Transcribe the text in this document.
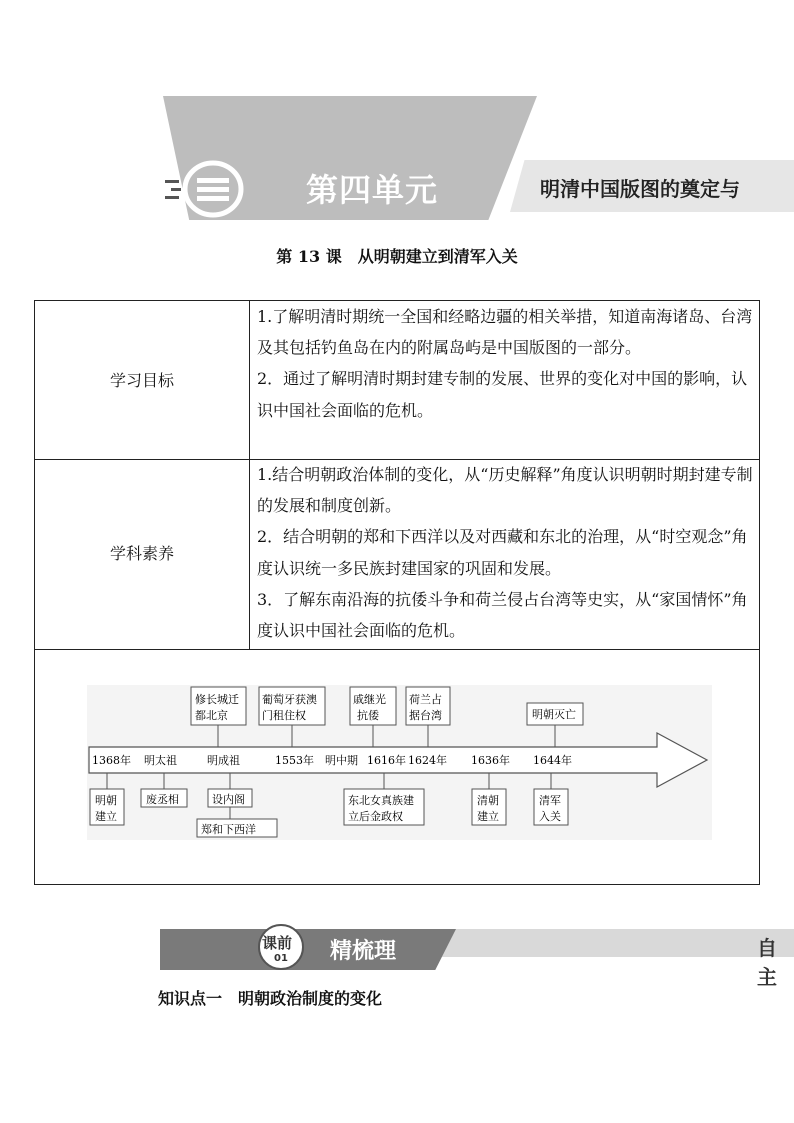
第四单元	明清中国版图的奠定与
第 13 课　从明朝建立到清军入关
学习目标

1.了解明清时期统一全国和经略边疆的相关举措，知道南海诸岛、台湾及其包括钓鱼岛在内的附属岛屿是中国版图的一部分。

2．通过了解明清时期封建专制的发展、世界的变化对中国的影响，认识中国社会面临的危机。

学科素养

1.结合明朝政治体制的变化，从“历史解释”角度认识明朝时期封建专制的发展和制度创新。

2．结合明朝的郑和下西洋以及对西藏和东北的治理，从“时空观念”角度认识统一多民族封建国家的巩固和发展。

3．了解东南沿海的抗倭斗争和荷兰侵占台湾等史实，从“家国情怀”角度认识中国社会面临的危机。

1368年 明太祖	明成祖	1553年 明中期 1616年 1624年 1636年 1644年
修长城迁
都北京
葡萄牙获澳
门租住权
戚继光
抗倭
荷兰占
据台湾	明朝灭亡
明朝
建立
废丞相	设内阁
郑和下西洋
东北女真族建
立后金政权
清朝
建立
清军
入关
课前
01 精梳理	自主
知识点一　明朝政治制度的变化
